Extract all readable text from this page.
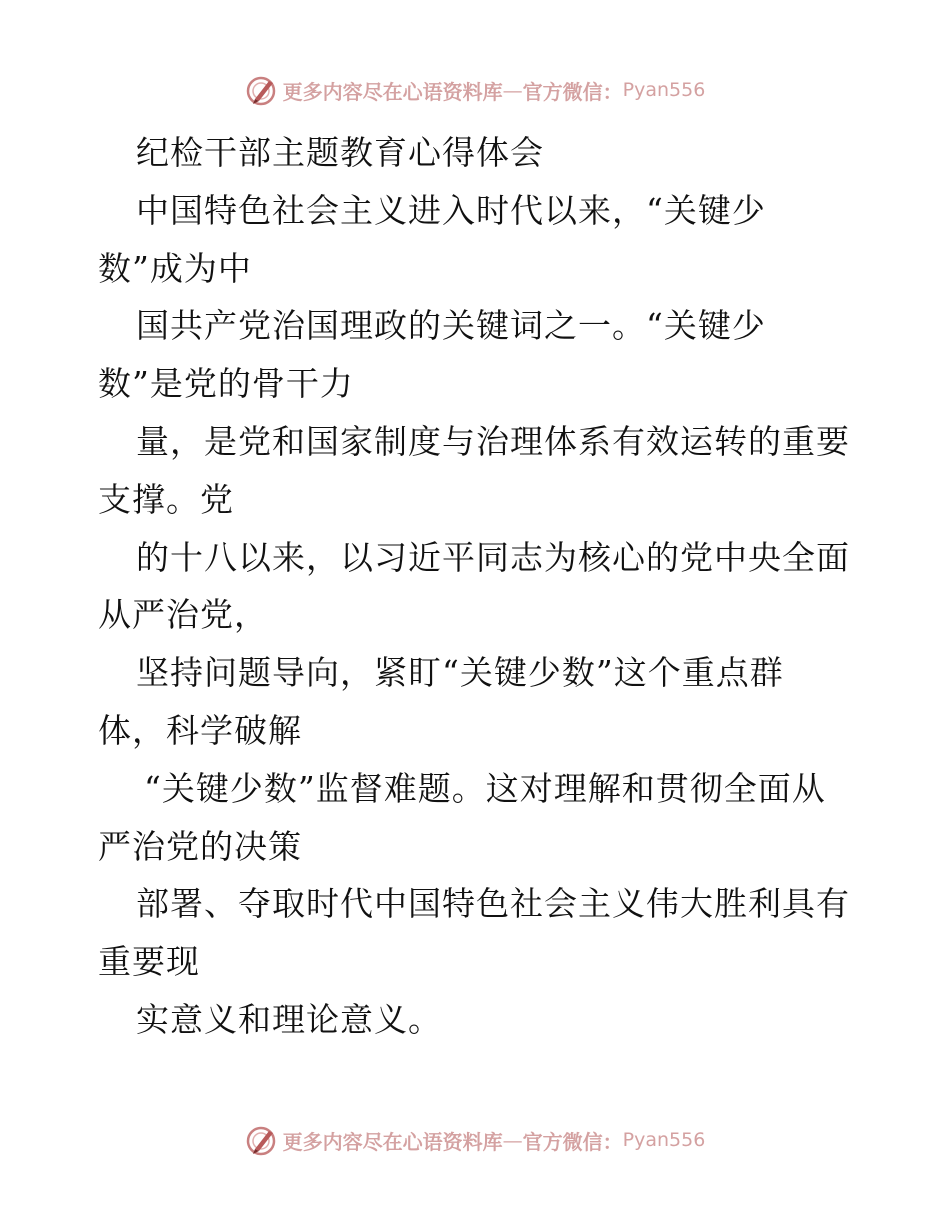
更多内容尽在心语资料库 — 官方微信： Pyan556
纪检干部主题教育心得体会
中国特色社会主义进入时代以来，“关键少
数”成为中
国共产党治国理政的关键词之一。“关键少
数”是党的骨干力
量，是党和国家制度与治理体系有效运转的重要
支撑。党
的十八以来，以习近平同志为核心的党中央全面
从严治党，
坚持问题导向，紧盯“关键少数”这个重点群
体，科学破解
“关键少数”监督难题。这对理解和贯彻全面从
严治党的决策
部署、夺取时代中国特色社会主义伟大胜利具有
重要现
实意义和理论意义。
更多内容尽在心语资料库 — 官方微信： Pyan556
